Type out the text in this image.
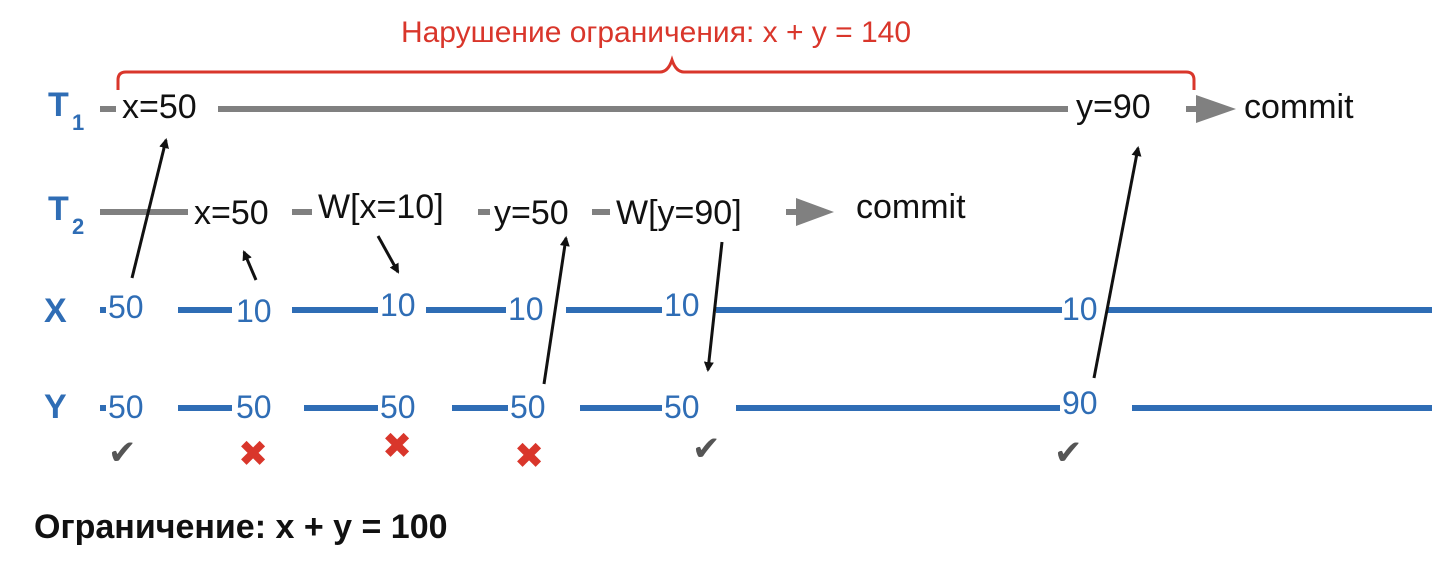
Нарушение ограничения: x + y = 140
T 1
T 2
X
Y
x=50	y=90	commit
x=50 W[x=10] y=50 W[y=90]	commit
50	10	10	10	10	10
50	50	50	50	50	90
✔	✖	✖	✖	✔	✔
Ограничение: x + y = 100
